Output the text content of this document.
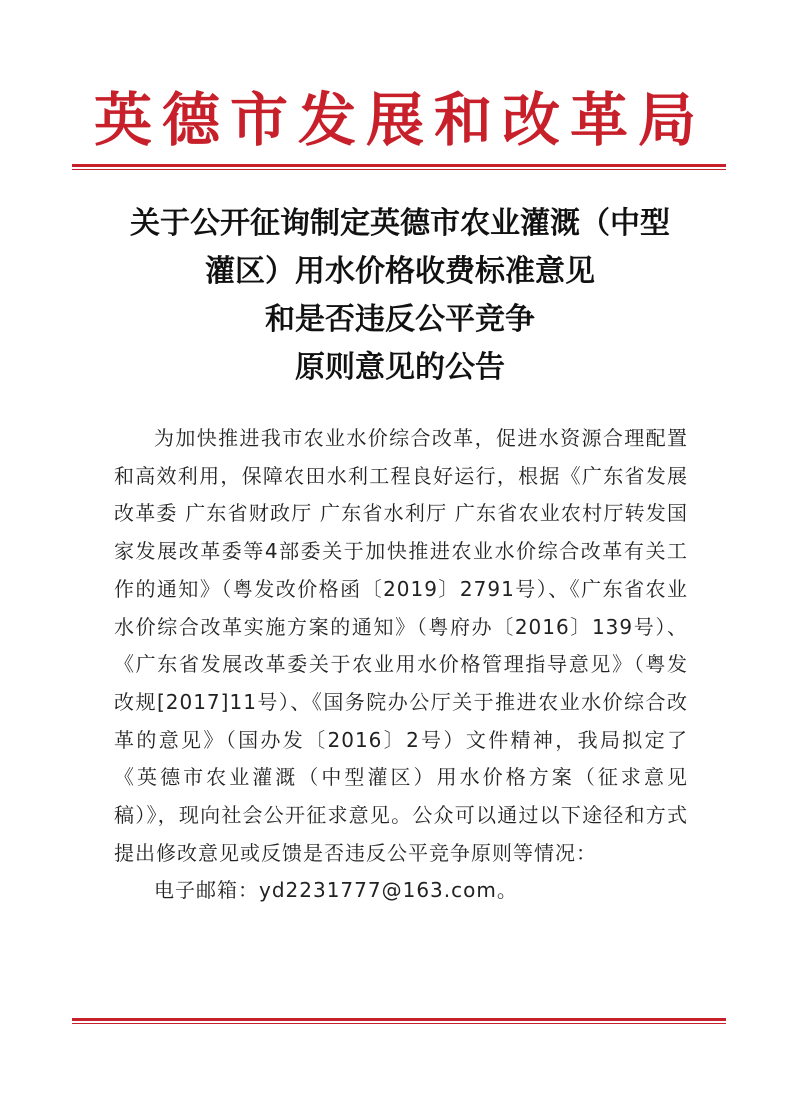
英德市发展和改革局
关于公开征询制定英德市农业灌溉（中型
灌区）用水价格收费标准意见
和是否违反公平竞争
原则意见的公告

为加快推进我市农业水价综合改革，促进水资源合理配置和高效利用，保障农田水利工程良好运行，根据《广东省发展改革委 广东省财政厅 广东省水利厅 广东省农业农村厅转发国家发展改革委等4部委关于加快推进农业水价综合改革有关工作的通知》（粤发改价格函〔2019〕2791号）、《广东省农业水价综合改革实施方案的通知》（粤府办〔2016〕139号）、《广东省发展改革委关于农业用水价格管理指导意见》（粤发改规[2017]11号）、《国务院办公厅关于推进农业水价综合改革的意见》（国办发〔2016〕2号）文件精神，我局拟定了《英德市农业灌溉（中型灌区）用水价格方案（征求意见稿）》，现向社会公开征求意见。公众可以通过以下途径和方式提出修改意见或反馈是否违反公平竞争原则等情况：

电子邮箱：yd2231777@163.com。
